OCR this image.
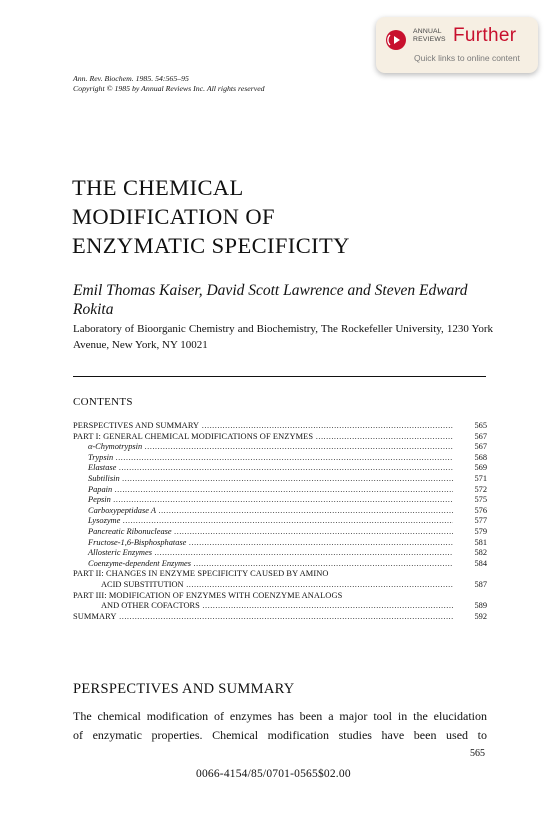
ANNUAL
REVIEWS Further
Quick links to online content
Ann. Rev. Biochem. 1985. 54:565–95
Copyright © 1985 by Annual Reviews Inc. All rights reserved
THE CHEMICAL
MODIFICATION OF
ENZYMATIC SPECIFICITY
Emil Thomas Kaiser, David Scott Lawrence and Steven Edward Rokita
Laboratory of Bioorganic Chemistry and Biochemistry, The Rockefeller University, 1230 York Avenue, New York, NY 10021
CONTENTS
PERSPECTIVES AND SUMMARY .....	565
PART I: GENERAL CHEMICAL MODIFICATIONS OF ENZYMES .....	567
α-Chymotrypsin .....	567
Trypsin .....	568
Elastase .....	569
Subtilisin .....	571
Papain .....	572
Pepsin .....	575
Carboxypeptidase A .....	576
Lysozyme .....	577
Pancreatic Ribonuclease .....	579
Fructose-1,6-Bisphosphatase .....	581
Allosteric Enzymes .....	582
Coenzyme-dependent Enzymes .....	584
PART II: CHANGES IN ENZYME SPECIFICITY CAUSED BY AMINO
ACID SUBSTITUTION .....	587
PART III: MODIFICATION OF ENZYMES WITH COENZYME ANALOGS
AND OTHER COFACTORS .....	589
SUMMARY .....	592
PERSPECTIVES AND SUMMARY
The chemical modification of enzymes has been a major tool in the elucidation
of enzymatic properties. Chemical modification studies have been used to
565
0066-4154/85/0701-0565$02.00
